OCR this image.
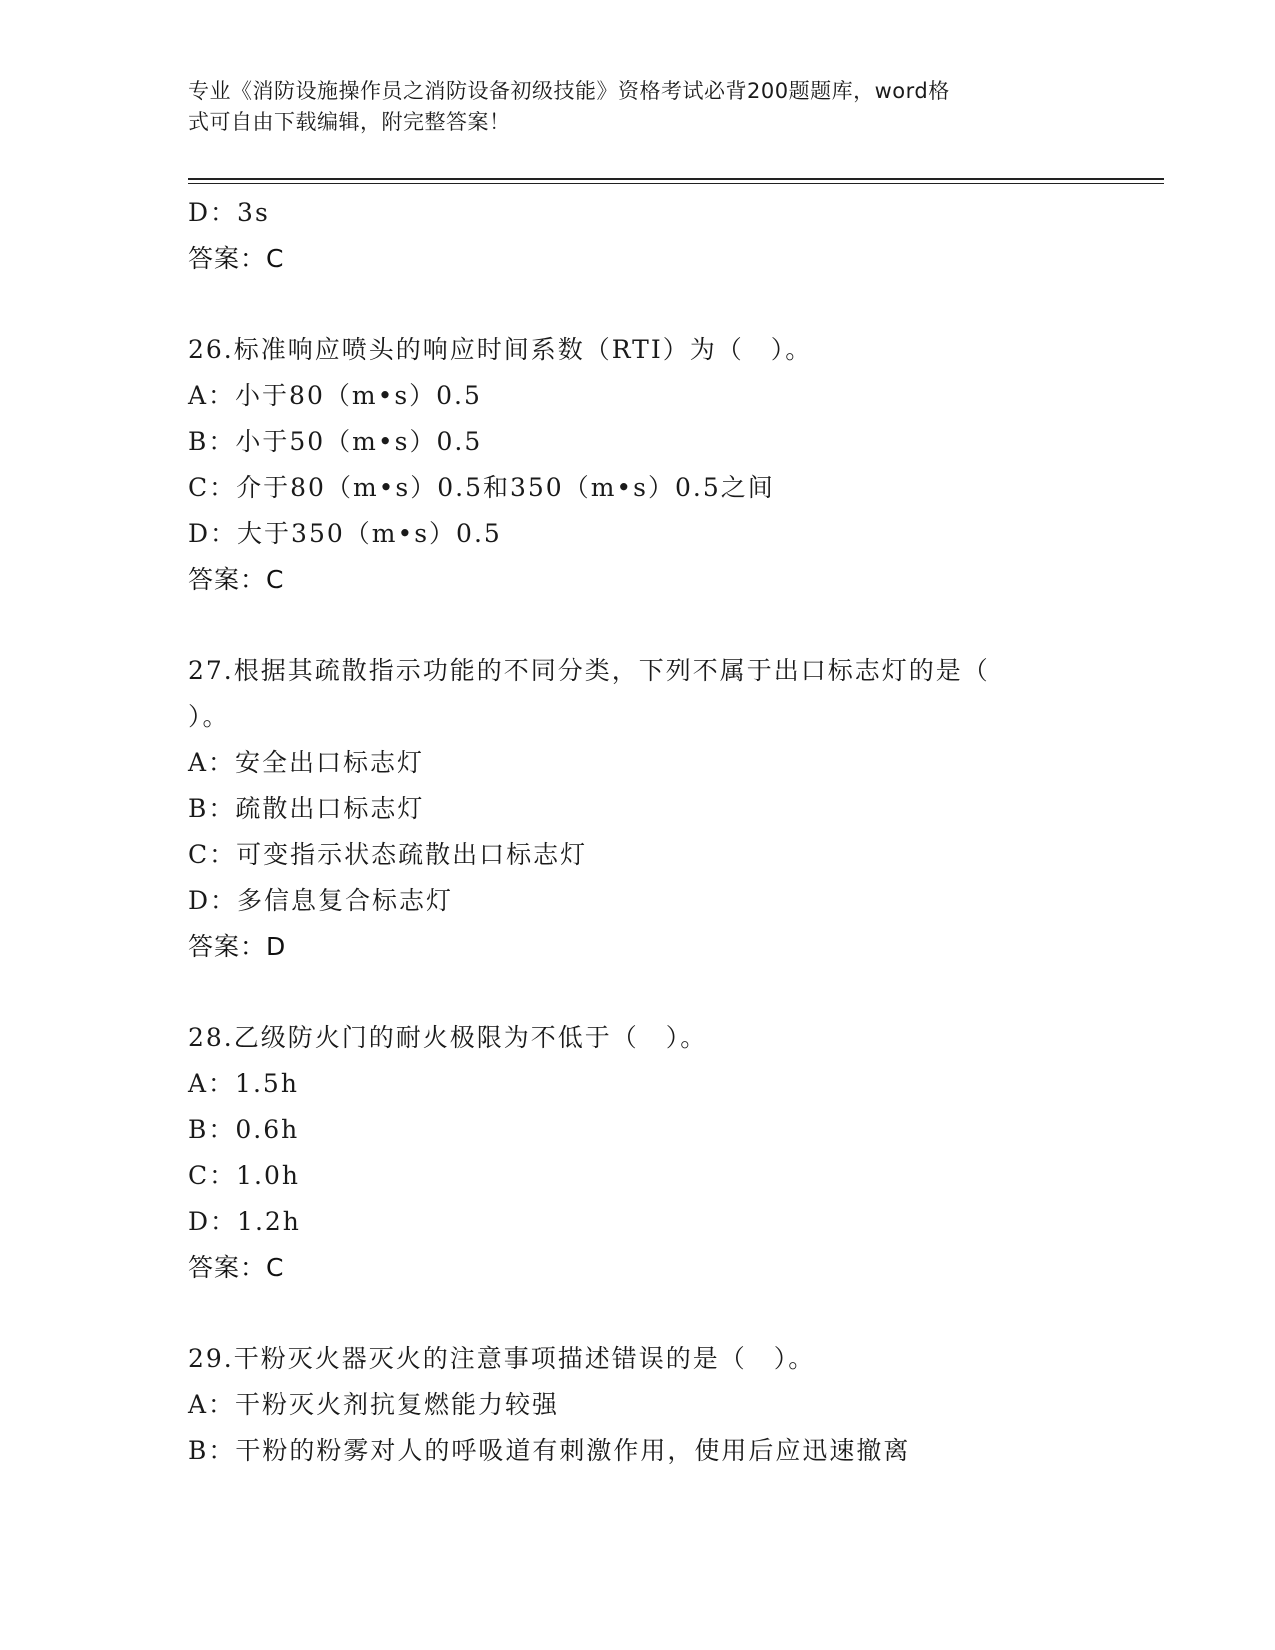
专业《消防设施操作员之消防设备初级技能》资格考试必背200题题库，word格
式可自由下载编辑，附完整答案！
D：3s
答案：C
26.标准响应喷头的响应时间系数（RTI）为（　）。
A：小于80（m•s）0.5
B：小于50（m•s）0.5
C：介于80（m•s）0.5和350（m•s）0.5之间
D：大于350（m•s）0.5
答案：C
27.根据其疏散指示功能的不同分类，下列不属于出口标志灯的是（
）。
A：安全出口标志灯
B：疏散出口标志灯
C：可变指示状态疏散出口标志灯
D：多信息复合标志灯
答案：D
28.乙级防火门的耐火极限为不低于（　）。
A：1.5h
B：0.6h
C：1.0h
D：1.2h
答案：C
29.干粉灭火器灭火的注意事项描述错误的是（　）。
A：干粉灭火剂抗复燃能力较强
B：干粉的粉雾对人的呼吸道有刺激作用，使用后应迅速撤离
